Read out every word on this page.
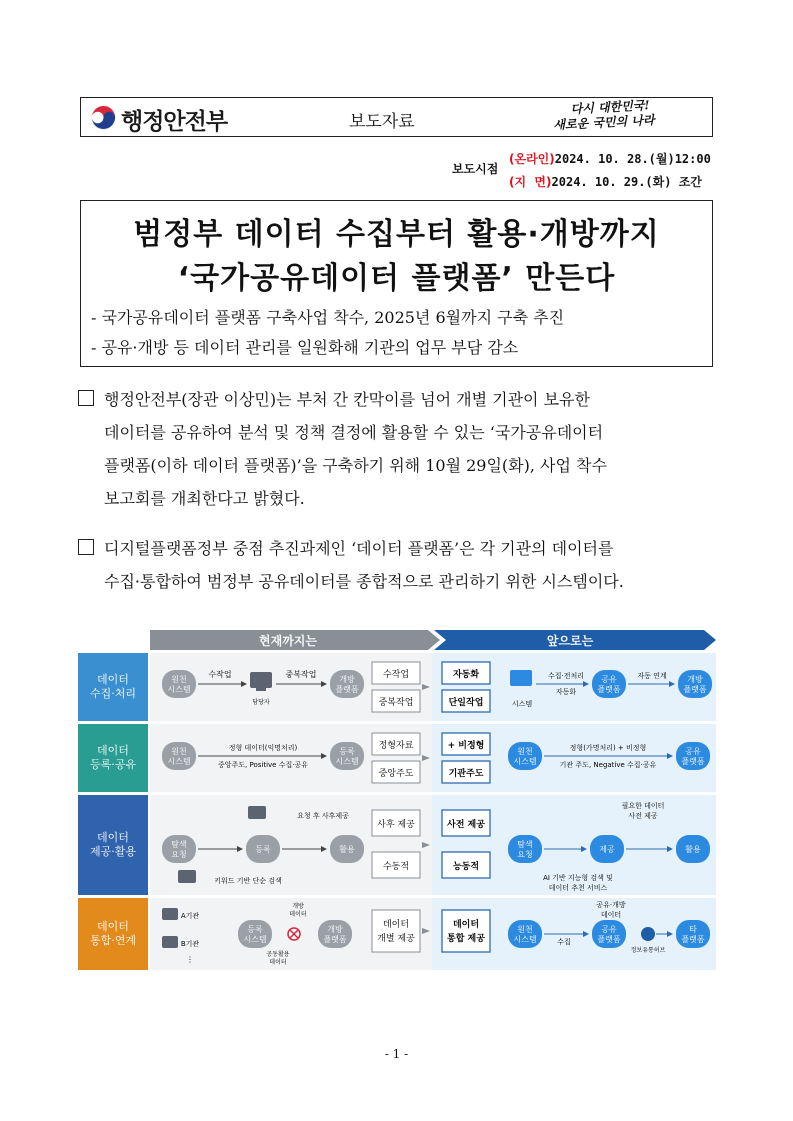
행정안전부	보도자료
다시 대한민국!
새로운 국민의 나라
보도시점
(온라인)2024. 10. 28.(월)12:00
(지  면)2024. 10. 29.(화) 조간
범정부 데이터 수집부터 활용·개방까지
‘국가공유데이터 플랫폼’ 만든다
- 국가공유데이터 플랫폼 구축사업 착수, 2025년 6월까지 구축 추진
- 공유·개방 등 데이터 관리를 일원화해 기관의 업무 부담 감소
행정안전부(장관 이상민)는 부처 간 칸막이를 넘어 개별 기관이 보유한
데이터를 공유하여 분석 및 정책 결정에 활용할 수 있는 ‘국가공유데이터
플랫폼(이하 데이터 플랫폼)’을 구축하기 위해 10월 29일(화), 사업 착수
보고회를 개최한다고 밝혔다.
디지털플랫폼정부 중점 추진과제인 ‘데이터 플랫폼’은 각 기관의 데이터를
수집·통합하여 범정부 공유데이터를 종합적으로 관리하기 위한 시스템이다.
현재까지는	앞으로는
데이터
수집·처리
데이터
등록·공유
데이터
제공·활용
데이터
통합·연계
원천
시스템
수작업
담당자
중복작업
개방
플랫폼
수작업
중복작업
자동화
단일작업	시스템
수집·전처리
자동화
공유
플랫폼
자동 연계	개방
플랫폼
원천
시스템
정형 데이터(익명처리)
중앙주도, Positive 수집·공유
등록
시스템
정형자료
중앙주도
+ 비정형
기관주도
원천
시스템
정형(가명처리) + 비정형
기관 주도, Negative 수집·공유
공유
플랫폼
요청 후 사후제공
탐색
요청
등록	활용
키워드 기반 단순 검색
사후 제공
수동적
사전 제공
능동적
필요한 데이터
사전 제공
탐색
요청
제공	활용
AI 기반 지능형 검색 및
데이터 추천 서비스
A기관
B기관
⋮
개방
데이터
등록
시스템
개방
플랫폼
공동활용
데이터
데이터
개별 제공
데이터
통합 제공
공유·개방
데이터
원천
시스템	수집
공유
플랫폼
정보유통허브
타
플랫폼
- 1 -
